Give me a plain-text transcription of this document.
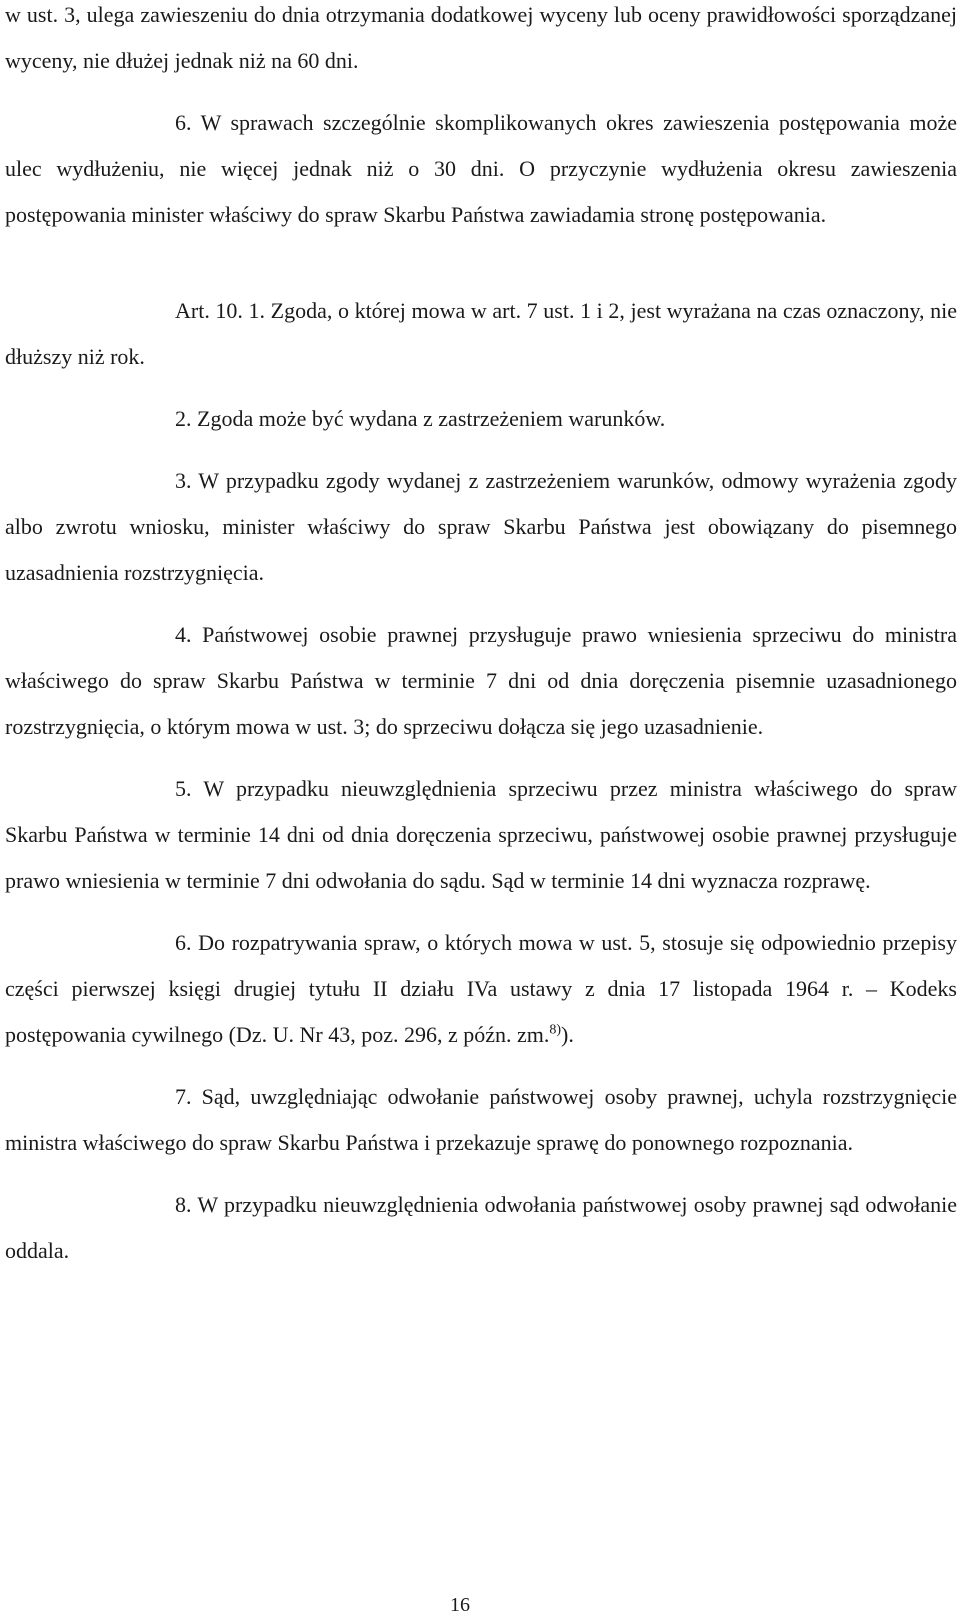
w ust. 3, ulega zawieszeniu do dnia otrzymania dodatkowej wyceny lub oceny prawidłowości sporządzanej wyceny, nie dłużej jednak niż na 60 dni.

6. W sprawach szczególnie skomplikowanych okres zawieszenia postępowania może ulec wydłużeniu, nie więcej jednak niż o 30 dni. O przyczynie wydłużenia okresu zawieszenia postępowania minister właściwy do spraw Skarbu Państwa zawiadamia stronę postępowania.

Art. 10. 1. Zgoda, o której mowa w art. 7 ust. 1 i 2, jest wyrażana na czas oznaczony, nie dłuższy niż rok.

2. Zgoda może być wydana z zastrzeżeniem warunków.

3. W przypadku zgody wydanej z zastrzeżeniem warunków, odmowy wyrażenia zgody albo zwrotu wniosku, minister właściwy do spraw Skarbu Państwa jest obowiązany do pisemnego uzasadnienia rozstrzygnięcia.

4. Państwowej osobie prawnej przysługuje prawo wniesienia sprzeciwu do ministra właściwego do spraw Skarbu Państwa w terminie 7 dni od dnia doręczenia pisemnie uzasadnionego rozstrzygnięcia, o którym mowa w ust. 3; do sprzeciwu dołącza się jego uzasadnienie.

5. W przypadku nieuwzględnienia sprzeciwu przez ministra właściwego do spraw Skarbu Państwa w terminie 14 dni od dnia doręczenia sprzeciwu, państwowej osobie prawnej przysługuje prawo wniesienia w terminie 7 dni odwołania do sądu. Sąd w terminie 14 dni wyznacza rozprawę.

6. Do rozpatrywania spraw, o których mowa w ust. 5, stosuje się odpowiednio przepisy części pierwszej księgi drugiej tytułu II działu IVa ustawy z dnia 17 listopada 1964 r. – Kodeks postępowania cywilnego (Dz. U. Nr 43, poz. 296, z późn. zm.$^{8)}$).

7. Sąd, uwzględniając odwołanie państwowej osoby prawnej, uchyla rozstrzygnięcie ministra właściwego do spraw Skarbu Państwa i przekazuje sprawę do ponownego rozpoznania.

8. W przypadku nieuwzględnienia odwołania państwowej osoby prawnej sąd odwołanie oddala.

16
